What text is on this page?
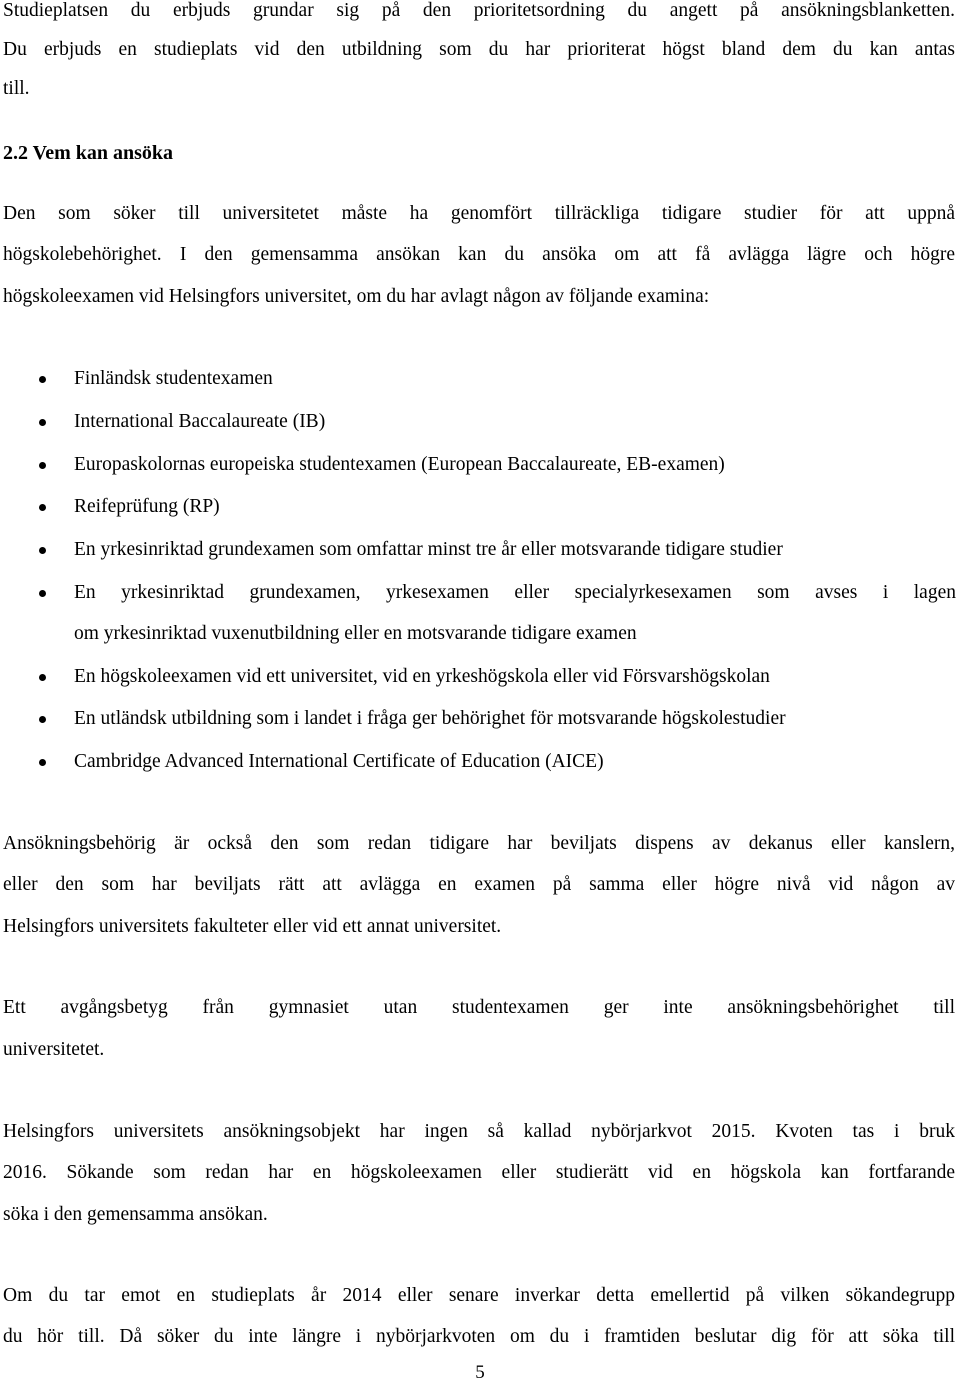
Studieplatsen du erbjuds grundar sig på den prioritetsordning du angett på ansökningsblanketten.
Du erbjuds en studieplats vid den utbildning som du har prioriterat högst bland dem du kan antas
till.
2.2 Vem kan ansöka
Den som söker till universitetet måste ha genomfört tillräckliga tidigare studier för att uppnå
högskolebehörighet. I den gemensamma ansökan kan du ansöka om att få avlägga lägre och högre
högskoleexamen vid Helsingfors universitet, om du har avlagt någon av följande examina:
Finländsk studentexamen
International Baccalaureate (IB)
Europaskolornas europeiska studentexamen (European Baccalaureate, EB-examen)
Reifeprüfung (RP)
En yrkesinriktad grundexamen som omfattar minst tre år eller motsvarande tidigare studier
En yrkesinriktad grundexamen, yrkesexamen eller specialyrkesexamen som avses i lagen
om yrkesinriktad vuxenutbildning eller en motsvarande tidigare examen
En högskoleexamen vid ett universitet, vid en yrkeshögskola eller vid Försvarshögskolan
En utländsk utbildning som i landet i fråga ger behörighet för motsvarande högskolestudier
Cambridge Advanced International Certificate of Education (AICE)
Ansökningsbehörig är också den som redan tidigare har beviljats dispens av dekanus eller kanslern,
eller den som har beviljats rätt att avlägga en examen på samma eller högre nivå vid någon av
Helsingfors universitets fakulteter eller vid ett annat universitet.
Ett avgångsbetyg från gymnasiet utan studentexamen ger inte ansökningsbehörighet till
universitetet.
Helsingfors universitets ansökningsobjekt har ingen så kallad nybörjarkvot 2015. Kvoten tas i bruk
2016. Sökande som redan har en högskoleexamen eller studierätt vid en högskola kan fortfarande
söka i den gemensamma ansökan.
Om du tar emot en studieplats år 2014 eller senare inverkar detta emellertid på vilken sökandegrupp
du hör till. Då söker du inte längre i nybörjarkvoten om du i framtiden beslutar dig för att söka till
5
